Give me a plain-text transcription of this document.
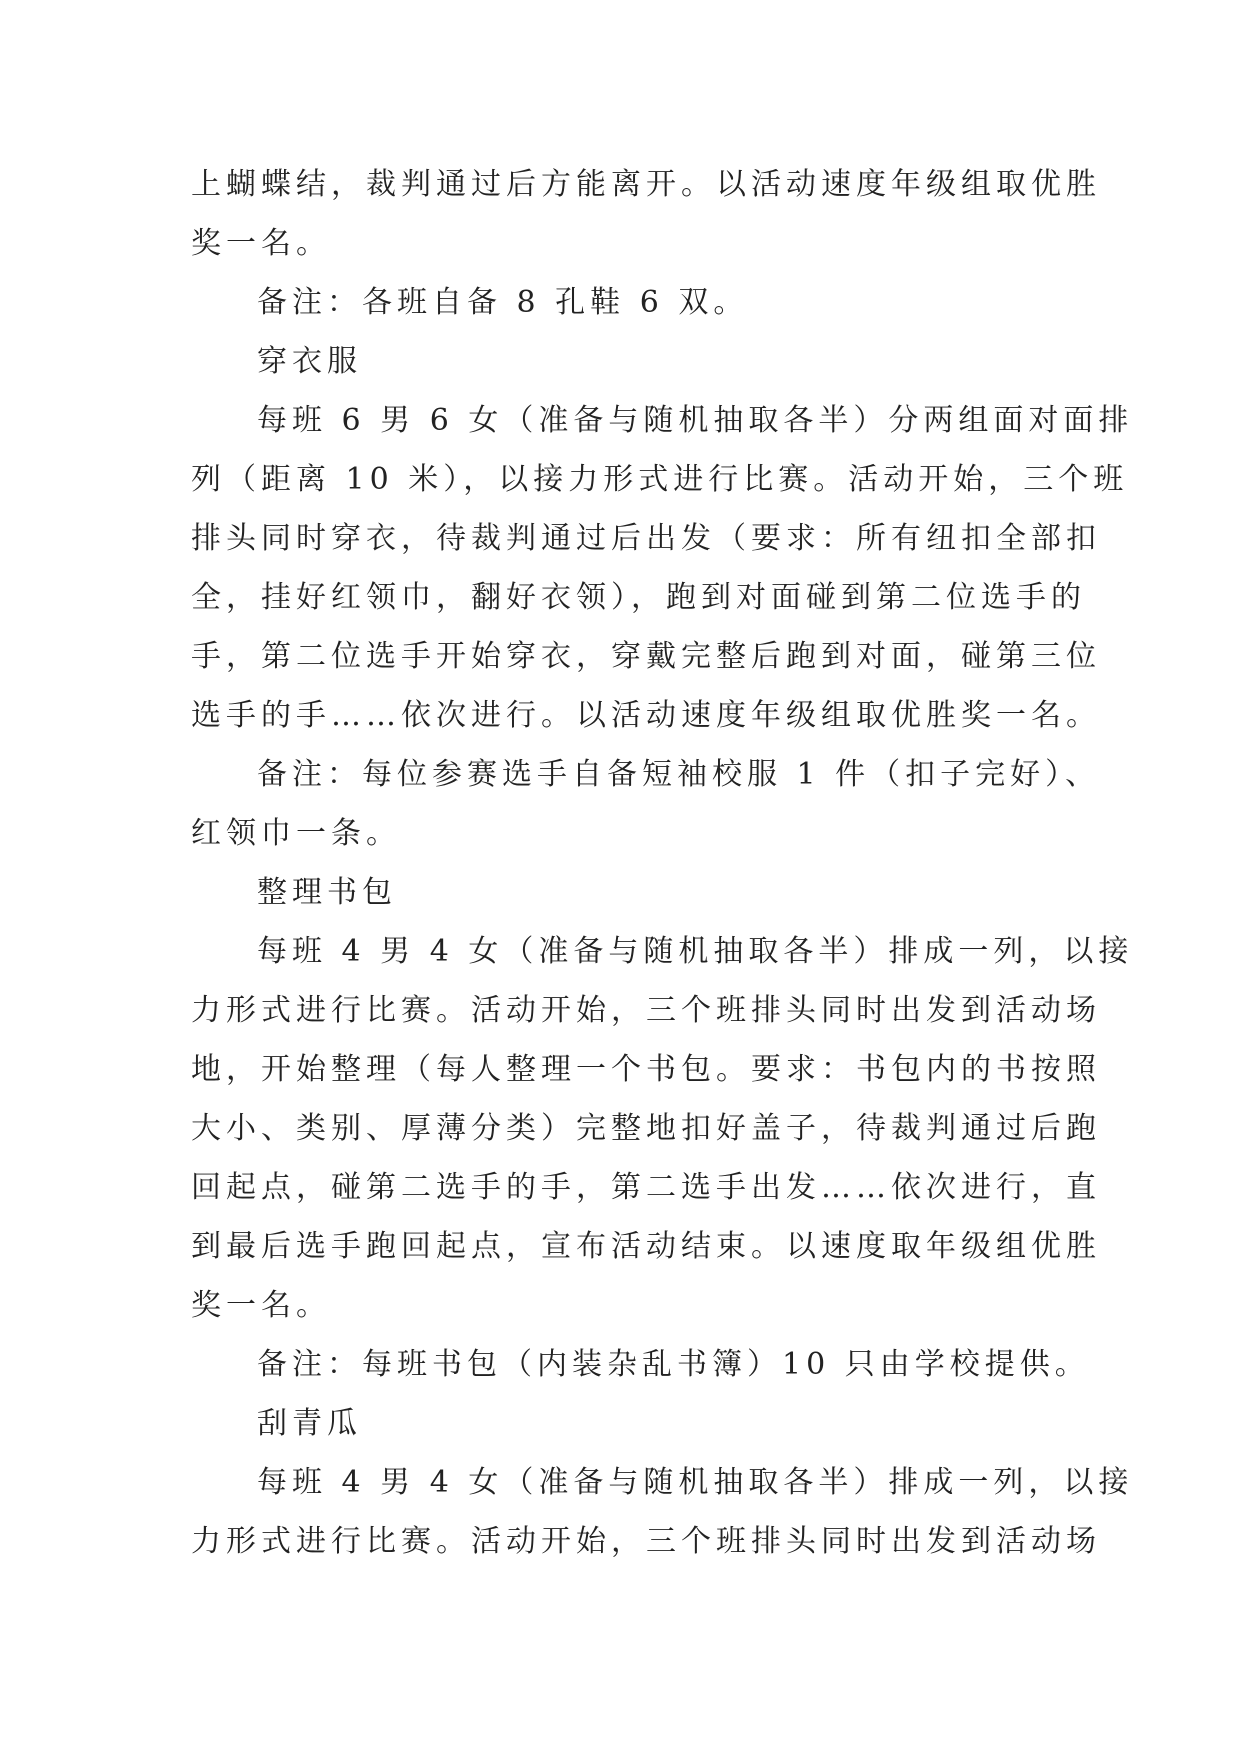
上蝴蝶结，裁判通过后方能离开。以活动速度年级组取优胜
奖一名。
备注：各班自备 8 孔鞋 6 双。
穿衣服
每班 6 男 6 女（准备与随机抽取各半）分两组面对面排
列（距离 10 米），以接力形式进行比赛。活动开始，三个班
排头同时穿衣，待裁判通过后出发（要求：所有纽扣全部扣
全，挂好红领巾，翻好衣领），跑到对面碰到第二位选手的
手，第二位选手开始穿衣，穿戴完整后跑到对面，碰第三位
选手的手……依次进行。以活动速度年级组取优胜奖一名。
备注：每位参赛选手自备短袖校服 1 件（扣子完好）、
红领巾一条。
整理书包
每班 4 男 4 女（准备与随机抽取各半）排成一列，以接
力形式进行比赛。活动开始，三个班排头同时出发到活动场
地，开始整理（每人整理一个书包。要求：书包内的书按照
大小、类别、厚薄分类）完整地扣好盖子，待裁判通过后跑
回起点，碰第二选手的手，第二选手出发……依次进行，直
到最后选手跑回起点，宣布活动结束。以速度取年级组优胜
奖一名。
备注：每班书包（内装杂乱书簿）10 只由学校提供。
刮青瓜
每班 4 男 4 女（准备与随机抽取各半）排成一列，以接
力形式进行比赛。活动开始，三个班排头同时出发到活动场
